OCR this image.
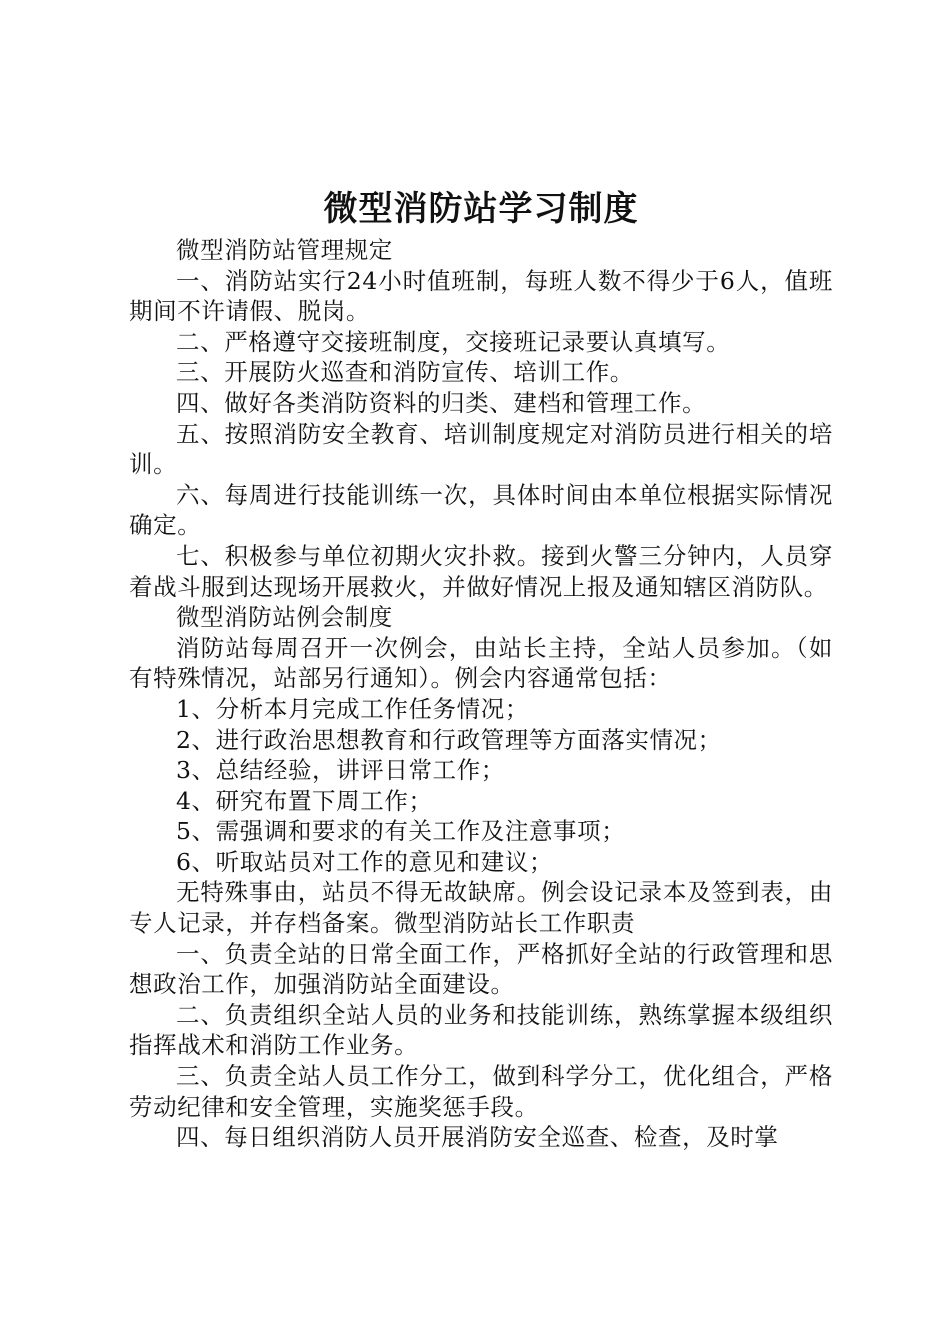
微型消防站学习制度

微型消防站管理规定

一、消防站实行24小时值班制，每班人数不得少于6人，值班期间不许请假、脱岗。

二、严格遵守交接班制度，交接班记录要认真填写。

三、开展防火巡查和消防宣传、培训工作。

四、做好各类消防资料的归类、建档和管理工作。

五、按照消防安全教育、培训制度规定对消防员进行相关的培训。

六、每周进行技能训练一次，具体时间由本单位根据实际情况确定。

七、积极参与单位初期火灾扑救。接到火警三分钟内，人员穿着战斗服到达现场开展救火，并做好情况上报及通知辖区消防队。

微型消防站例会制度

消防站每周召开一次例会，由站长主持，全站人员参加。（如有特殊情况，站部另行通知）。例会内容通常包括：

1、分析本月完成工作任务情况；

2、进行政治思想教育和行政管理等方面落实情况；

3、总结经验，讲评日常工作；

4、研究布置下周工作；

5、需强调和要求的有关工作及注意事项；

6、听取站员对工作的意见和建议；

无特殊事由，站员不得无故缺席。例会设记录本及签到表，由专人记录，并存档备案。微型消防站长工作职责

一、负责全站的日常全面工作，严格抓好全站的行政管理和思想政治工作，加强消防站全面建设。

二、负责组织全站人员的业务和技能训练，熟练掌握本级组织指挥战术和消防工作业务。

三、负责全站人员工作分工，做到科学分工，优化组合，严格劳动纪律和安全管理，实施奖惩手段。

四、每日组织消防人员开展消防安全巡查、检查，及时掌
